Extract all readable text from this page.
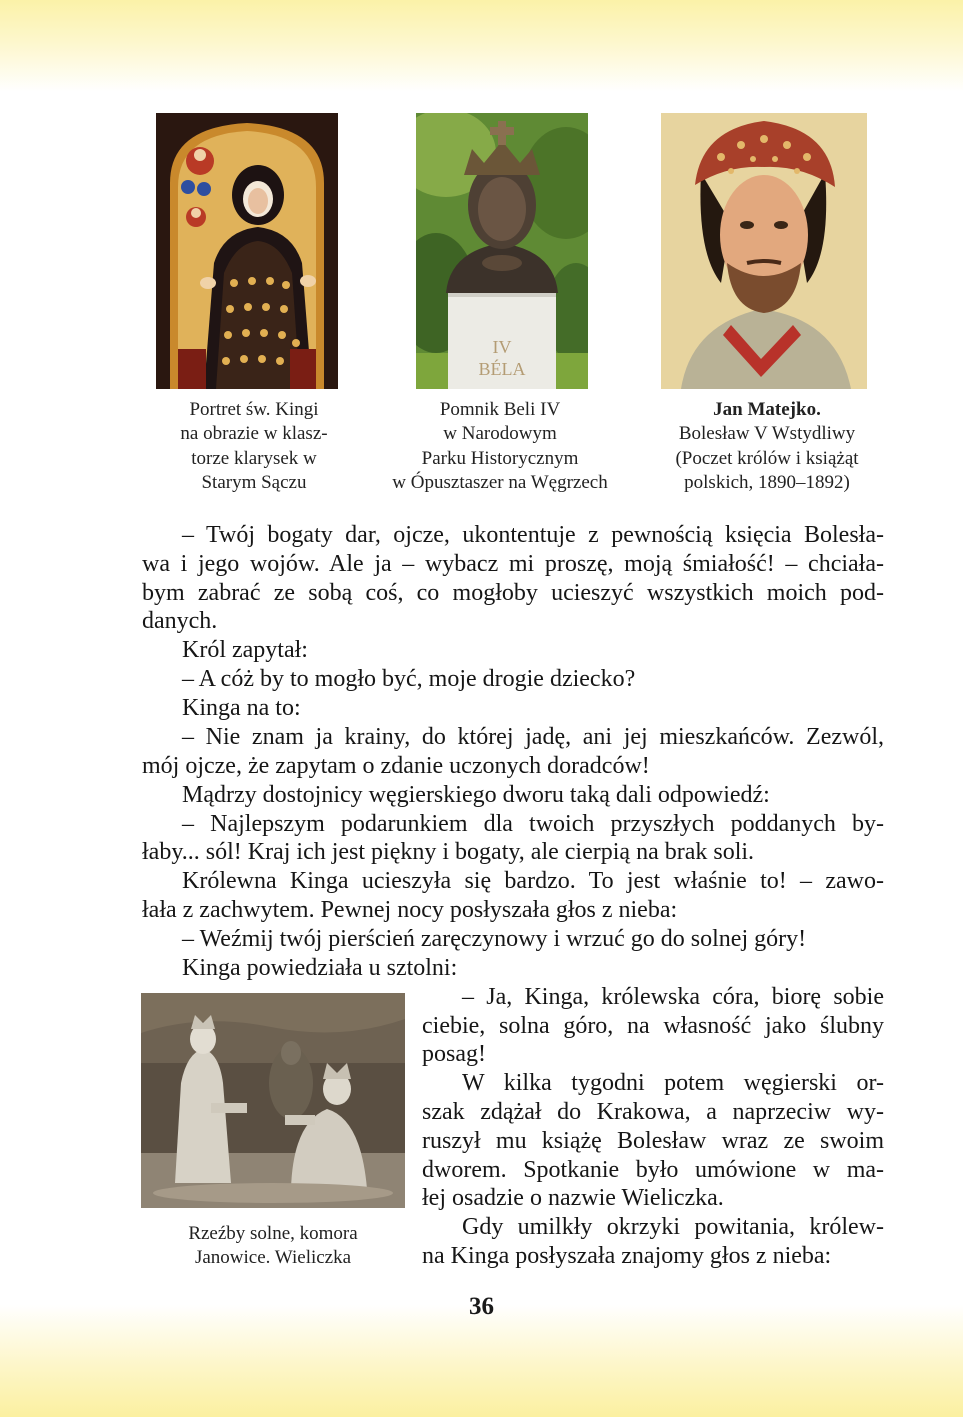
IV
BÉLA
Portret św. Kingi
na obrazie w klasz-
torze klarysek w
Starym Sączu
Pomnik Beli IV
w Narodowym
Parku Historycznym
w Ópusztaszer na Węgrzech
Jan Matejko.
Bolesław V Wstydliwy
(Poczet królów i książąt
polskich, 1890–1892)
Rzeźby solne, komora
Janowice. Wieliczka
– Twój bogaty dar, ojcze, ukontentuje z pewnością księcia Bolesła-
wa i jego wojów. Ale ja – wybacz mi proszę, moją śmiałość! – chciała-
bym zabrać ze sobą coś, co mogłoby ucieszyć wszystkich moich pod-
danych.
Król zapytał:
– A cóż by to mogło być, moje drogie dziecko?
Kinga na to:
– Nie znam ja krainy, do której jadę, ani jej mieszkańców. Zezwól,
mój ojcze, że zapytam o zdanie uczonych doradców!
Mądrzy dostojnicy węgierskiego dworu taką dali odpowiedź:
– Najlepszym podarunkiem dla twoich przyszłych poddanych by-
łaby... sól! Kraj ich jest piękny i bogaty, ale cierpią na brak soli.
Królewna Kinga ucieszyła się bardzo. To jest właśnie to! – zawo-
łała z zachwytem. Pewnej nocy posłyszała głos z nieba:
– Weźmij twój pierścień zaręczynowy i wrzuć go do solnej góry!
Kinga powiedziała u sztolni:
– Ja, Kinga, królewska córa, biorę sobie
ciebie, solna góro, na własność jako ślubny
posag!
W kilka tygodni potem węgierski or-
szak zdążał do Krakowa, a naprzeciw wy-
ruszył mu książę Bolesław wraz ze swoim
dworem. Spotkanie było umówione w ma-
łej osadzie o nazwie Wieliczka.
Gdy umilkły okrzyki powitania, królew-
na Kinga posłyszała znajomy głos z nieba:
36
